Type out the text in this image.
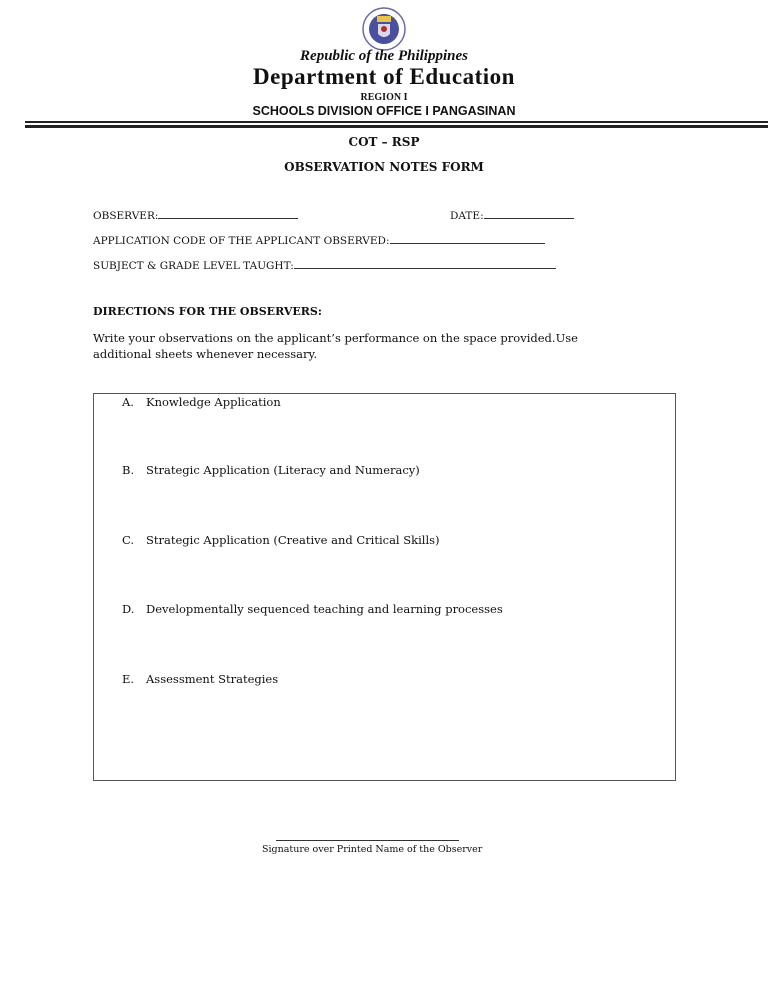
Republic of the Philippines
Department of Education
REGION I
SCHOOLS DIVISION OFFICE I PANGASINAN
COT – RSP
OBSERVATION NOTES FORM
OBSERVER:	DATE:
APPLICATION CODE OF THE APPLICANT OBSERVED:
SUBJECT & GRADE LEVEL TAUGHT:
DIRECTIONS FOR THE OBSERVERS:
Write your observations on the applicant’s performance on the space provided.Use
additional sheets whenever necessary.
A. Knowledge Application
B. Strategic Application (Literacy and Numeracy)
C. Strategic Application (Creative and Critical Skills)
D. Developmentally sequenced teaching and learning processes
E. Assessment Strategies
Signature over Printed Name of the Observer
